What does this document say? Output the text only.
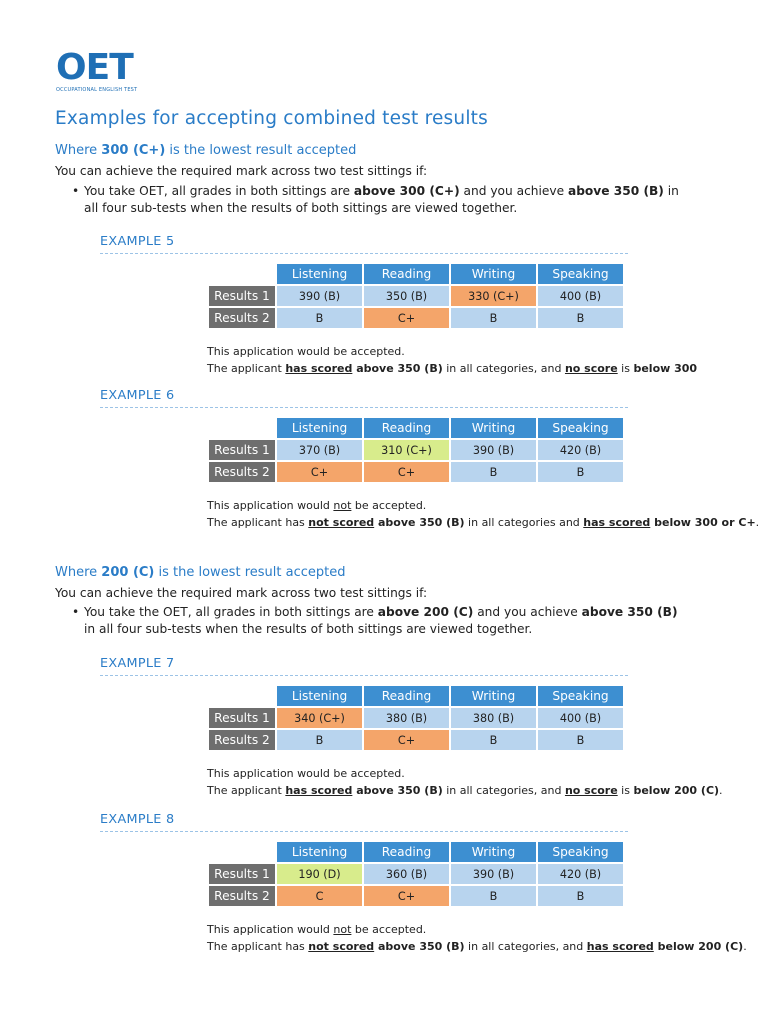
OET
OCCUPATIONAL ENGLISH TEST
Examples for accepting combined test results
Where 300 (C+) is the lowest result accepted
You can achieve the required mark across two test sittings if:
• You take OET, all grades in both sittings are above 300 (C+) and you achieve above 350 (B) in all four sub-tests when the results of both sittings are viewed together.
Where 200 (C) is the lowest result accepted
You can achieve the required mark across two test sittings if:
• You take the OET, all grades in both sittings are above 200 (C) and you achieve above 350 (B) in all four sub-tests when the results of both sittings are viewed together.
EXAMPLE 5
	Listening	Reading	Writing	Speaking
Results 1	390 (B)	350 (B)	330 (C+)	400 (B)
Results 2	B	C+	B	B
This application would be accepted.
The applicant has scored above 350 (B) in all categories, and no score is below 300
EXAMPLE 6
	Listening	Reading	Writing	Speaking
Results 1	370 (B)	310 (C+)	390 (B)	420 (B)
Results 2	C+	C+	B	B
This application would not be accepted.
The applicant has not scored above 350 (B) in all categories and has scored below 300 or C+.
EXAMPLE 7
	Listening	Reading	Writing	Speaking
Results 1	340 (C+)	380 (B)	380 (B)	400 (B)
Results 2	B	C+	B	B
This application would be accepted.
The applicant has scored above 350 (B) in all categories, and no score is below 200 (C).
EXAMPLE 8
	Listening	Reading	Writing	Speaking
Results 1	190 (D)	360 (B)	390 (B)	420 (B)
Results 2	C	C+	B	B
This application would not be accepted.
The applicant has not scored above 350 (B) in all categories, and has scored below 200 (C).
